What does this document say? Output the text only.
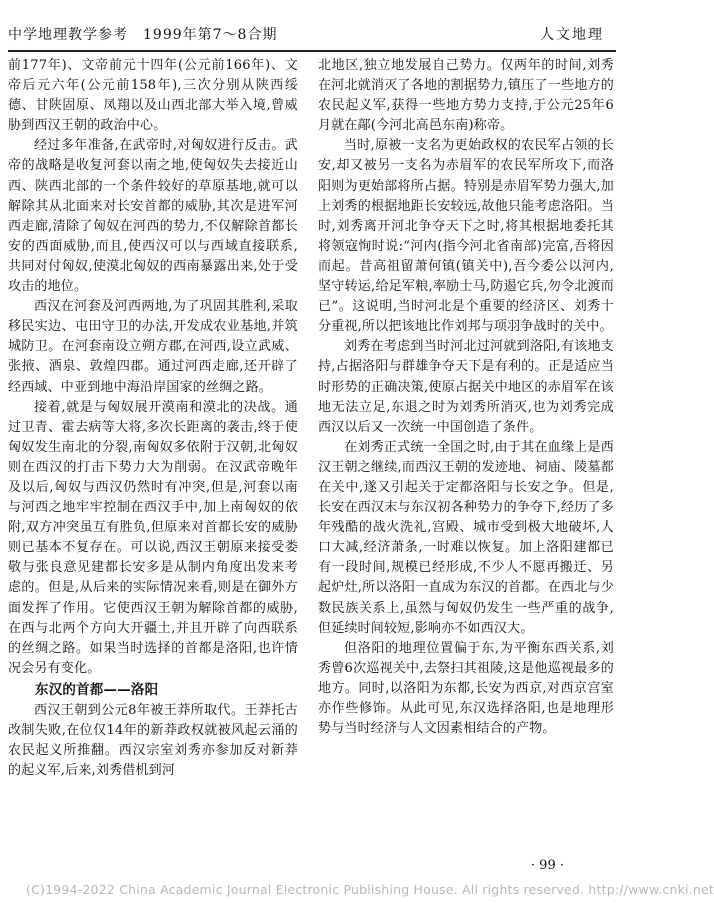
中学地理教学参考　1999年第7～8合期	人文地理

前177年)、文帝前元十四年(公元前166年)、文帝后元六年(公元前158年),三次分别从陕西绥德、甘陕固原、凤翔以及山西北部大举入境,曾威胁到西汉王朝的政治中心。

经过多年准备,在武帝时,对匈奴进行反击。武帝的战略是收复河套以南之地,使匈奴失去接近山西、陕西北部的一个条件较好的草原基地,就可以解除其从北面来对长安首都的威胁,其次是进军河西走廊,清除了匈奴在河西的势力,不仅解除首都长安的西面威胁,而且,使西汉可以与西域直接联系,共同对付匈奴,使漠北匈奴的西南暴露出来,处于受攻击的地位。

西汉在河套及河西两地,为了巩固其胜利,采取移民实边、屯田守卫的办法,开发成农业基地,并筑城防卫。在河套南设立朔方郡,在河西,设立武威、张掖、酒泉、敦煌四郡。通过河西走廊,还开辟了经西域、中亚到地中海沿岸国家的丝绸之路。

接着,就是与匈奴展开漠南和漠北的决战。通过卫青、霍去病等大将,多次长距离的袭击,终于使匈奴发生南北的分裂,南匈奴多依附于汉朝,北匈奴则在西汉的打击下势力大为削弱。在汉武帝晚年及以后,匈奴与西汉仍然时有冲突,但是,河套以南与河西之地牢牢控制在西汉手中,加上南匈奴的依附,双方冲突虽互有胜负,但原来对首都长安的威胁则已基本不复存在。可以说,西汉王朝原来接受娄敬与张良意见建都长安多是从制内角度出发来考虑的。但是,从后来的实际情况来看,则是在御外方面发挥了作用。它使西汉王朝为解除首都的威胁,在西与北两个方向大开疆土,并且开辟了向西联系的丝绸之路。如果当时选择的首都是洛阳,也许情况会另有变化。

东汉的首都——洛阳

西汉王朝到公元8年被王莽所取代。王莽托古改制失败,在位仅14年的新莽政权就被风起云涌的农民起义所推翻。西汉宗室刘秀亦参加反对新莽的起义军,后来,刘秀借机到河

北地区,独立地发展自己势力。仅两年的时间,刘秀在河北就消灭了各地的割据势力,镇压了一些地方的农民起义军,获得一些地方势力支持,于公元25年6月就在鄗(今河北高邑东南)称帝。

当时,原被一支名为更始政权的农民军占领的长安,却又被另一支名为赤眉军的农民军所攻下,而洛阳则为更始部将所占据。特别是赤眉军势力强大,加上刘秀的根据地距长安较远,故他只能考虑洛阳。当时,刘秀离开河北争夺天下之时,将其根据地委托其将领寇恂时说:“河内(指今河北省南部)完富,吾将因而起。昔高祖留萧何镇(镇关中),吾今委公以河内,坚守转运,给足军粮,率励士马,防遏它兵,勿令北渡而已”。这说明,当时河北是个重要的经济区、刘秀十分重视,所以把该地比作刘邦与项羽争战时的关中。

刘秀在考虑到当时河北过河就到洛阳,有该地支持,占据洛阳与群雄争夺天下是有利的。正是适应当时形势的正确决策,使原占据关中地区的赤眉军在该地无法立足,东退之时为刘秀所消灭,也为刘秀完成西汉以后又一次统一中国创造了条件。

在刘秀正式统一全国之时,由于其在血缘上是西汉王朝之继续,而西汉王朝的发迹地、祠庙、陵墓都在关中,遂又引起关于定都洛阳与长安之争。但是,长安在西汉末与东汉初各种势力的争夺下,经历了多年残酷的战火洗礼,宫殿、城市受到极大地破坏,人口大减,经济萧条,一时难以恢复。加上洛阳建都已有一段时间,规模已经形成,不少人不愿再搬迁、另起炉灶,所以洛阳一直成为东汉的首都。在西北与少数民族关系上,虽然与匈奴仍发生一些严重的战争,但延续时间较短,影响亦不如西汉大。

但洛阳的地理位置偏于东,为平衡东西关系,刘秀曾6次巡视关中,去祭扫其祖陵,这是他巡视最多的地方。同时,以洛阳为东都,长安为西京,对西京宫室亦作些修饰。从此可见,东汉选择洛阳,也是地理形势与当时经济与人文因素相结合的产物。

· 99 ·
(C)1994-2022 China Academic Journal Electronic Publishing House. All rights reserved. http://www.cnki.net
